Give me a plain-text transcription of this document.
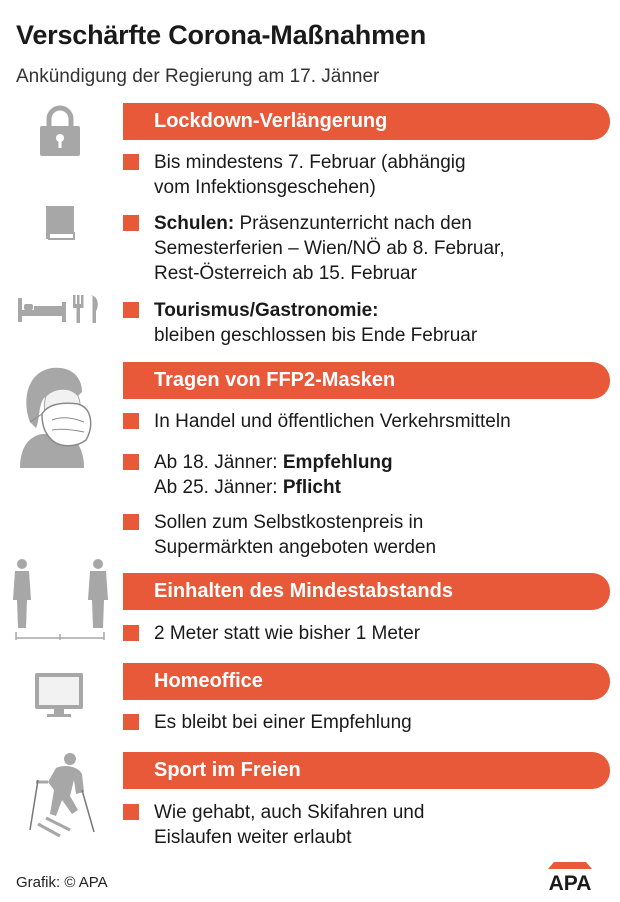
Verschärfte Corona-Maßnahmen
Ankündigung der Regierung am 17. Jänner
Lockdown-Verlängerung
Bis mindestens 7. Februar (abhängig
vom Infektionsgeschehen)
Schulen: Präsenzunterricht nach den
Semesterferien – Wien/NÖ ab 8. Februar,
Rest-Österreich ab 15. Februar
Tourismus/Gastronomie:
bleiben geschlossen bis Ende Februar
Tragen von FFP2-Masken
In Handel und öffentlichen Verkehrsmitteln
Ab 18. Jänner: Empfehlung
Ab 25. Jänner: Pflicht
Sollen zum Selbstkostenpreis in
Supermärkten angeboten werden
Einhalten des Mindestabstands
2 Meter statt wie bisher 1 Meter
Homeoffice
Es bleibt bei einer Empfehlung
Sport im Freien
Wie gehabt, auch Skifahren und
Eislaufen weiter erlaubt
Grafik: © APA	APA
